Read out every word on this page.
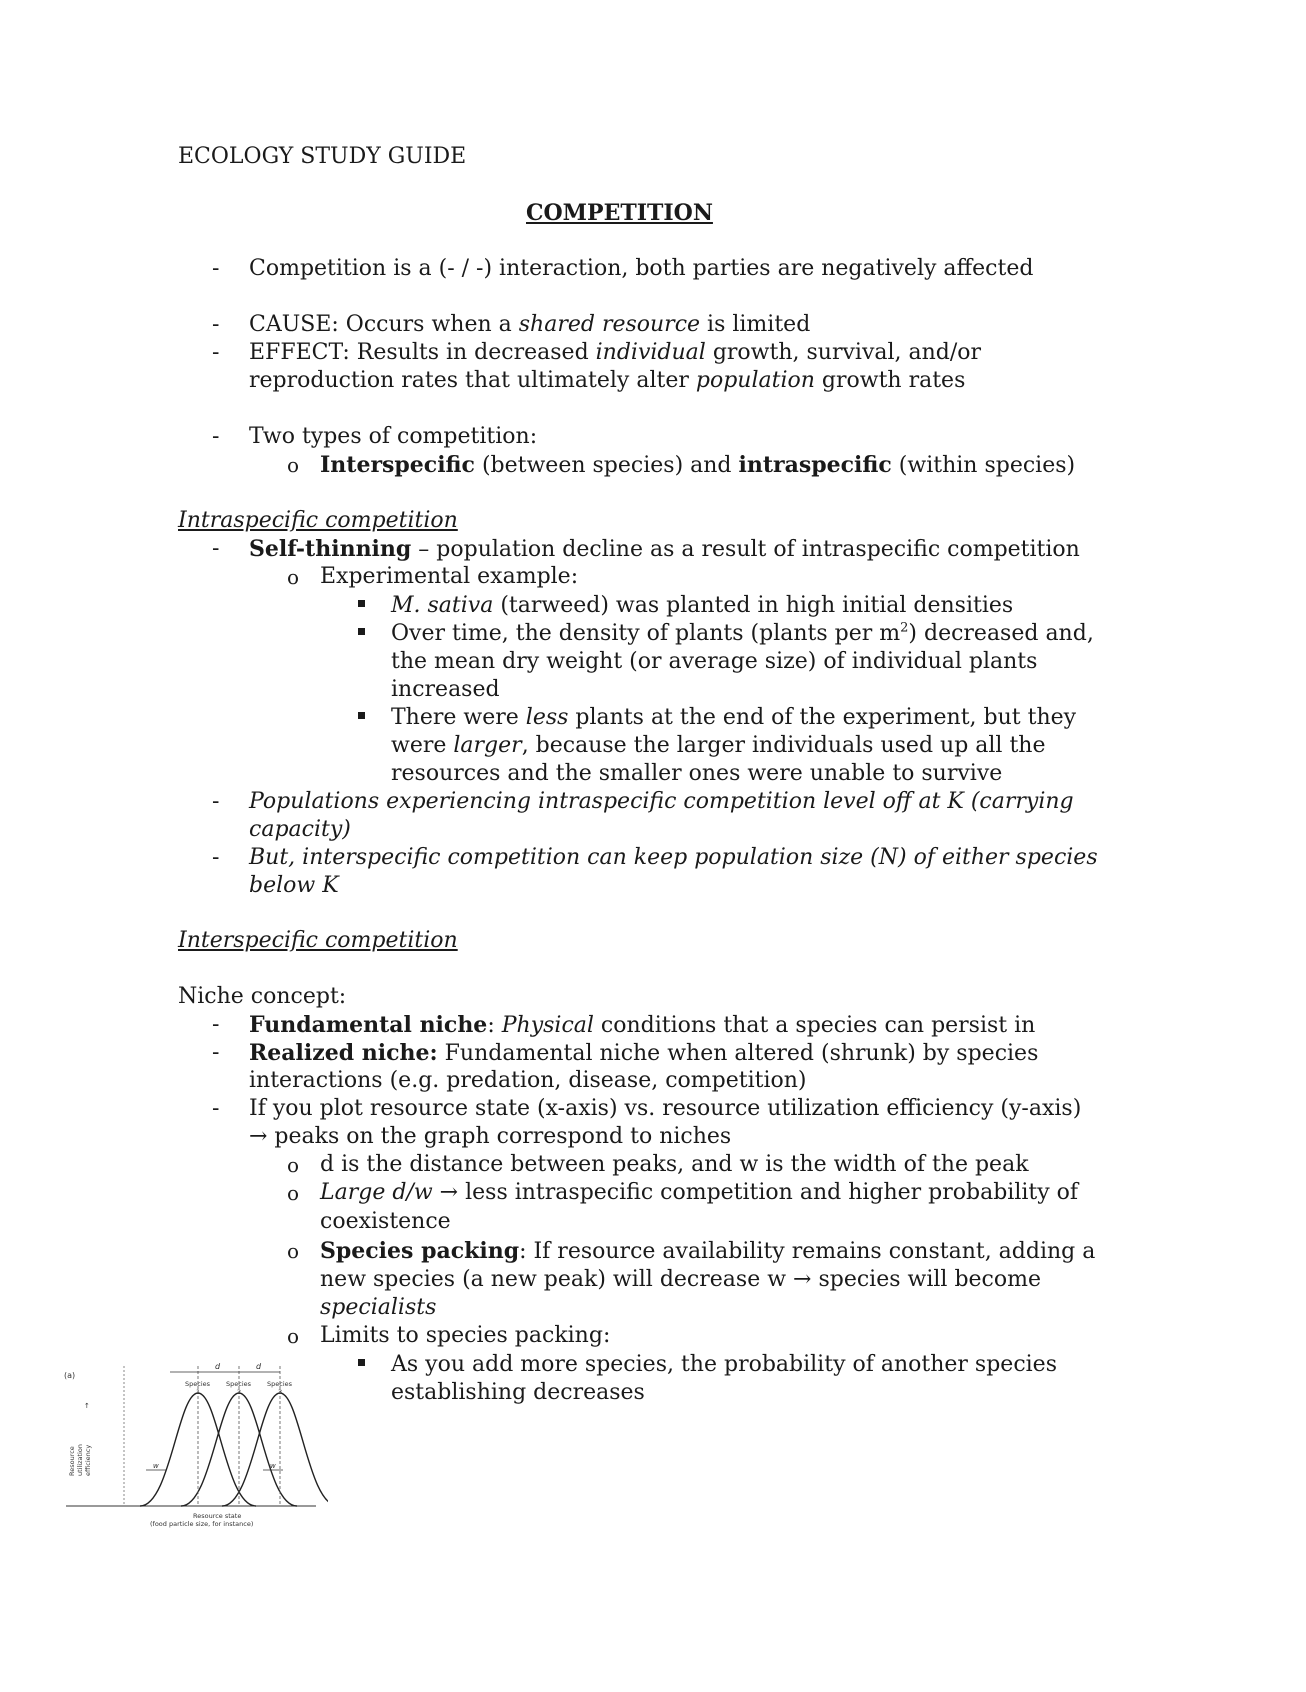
ECOLOGY STUDY GUIDE
COMPETITION
- Competition is a (- / -) interaction, both parties are negatively affected
- CAUSE: Occurs when a shared resource is limited
- EFFECT: Results in decreased individual growth, survival, and/or
reproduction rates that ultimately alter population growth rates
- Two types of competition:
o Interspecific (between species) and intraspecific (within species)
Intraspecific competition
- Self-thinning – population decline as a result of intraspecific competition
o Experimental example:
M. sativa (tarweed) was planted in high initial densities
Over time, the density of plants (plants per $m^2$) decreased and,
the mean dry weight (or average size) of individual plants
increased
There were less plants at the end of the experiment, but they
were larger, because the larger individuals used up all the
resources and the smaller ones were unable to survive
- Populations experiencing intraspecific competition level off at K (carrying
capacity)
- But, interspecific competition can keep population size (N) of either species
below K
Interspecific competition
Niche concept:
- Fundamental niche: Physical conditions that a species can persist in
- Realized niche: Fundamental niche when altered (shrunk) by species
interactions (e.g. predation, disease, competition)
- If you plot resource state (x-axis) vs. resource utilization efficiency (y-axis)
→ peaks on the graph correspond to niches
o d is the distance between peaks, and w is the width of the peak
o Large d/w → less intraspecific competition and higher probability of
coexistence
o Species packing: If resource availability remains constant, adding a
new species (a new peak) will decrease w → species will become
specialists
o Limits to species packing:
As you add more species, the probability of another species
establishing decreases
(a)
↑
Resource utilization efficiency
d	d
Species
1
Species
2
Species
3
w	w
Resource state
(food particle size, for instance)
